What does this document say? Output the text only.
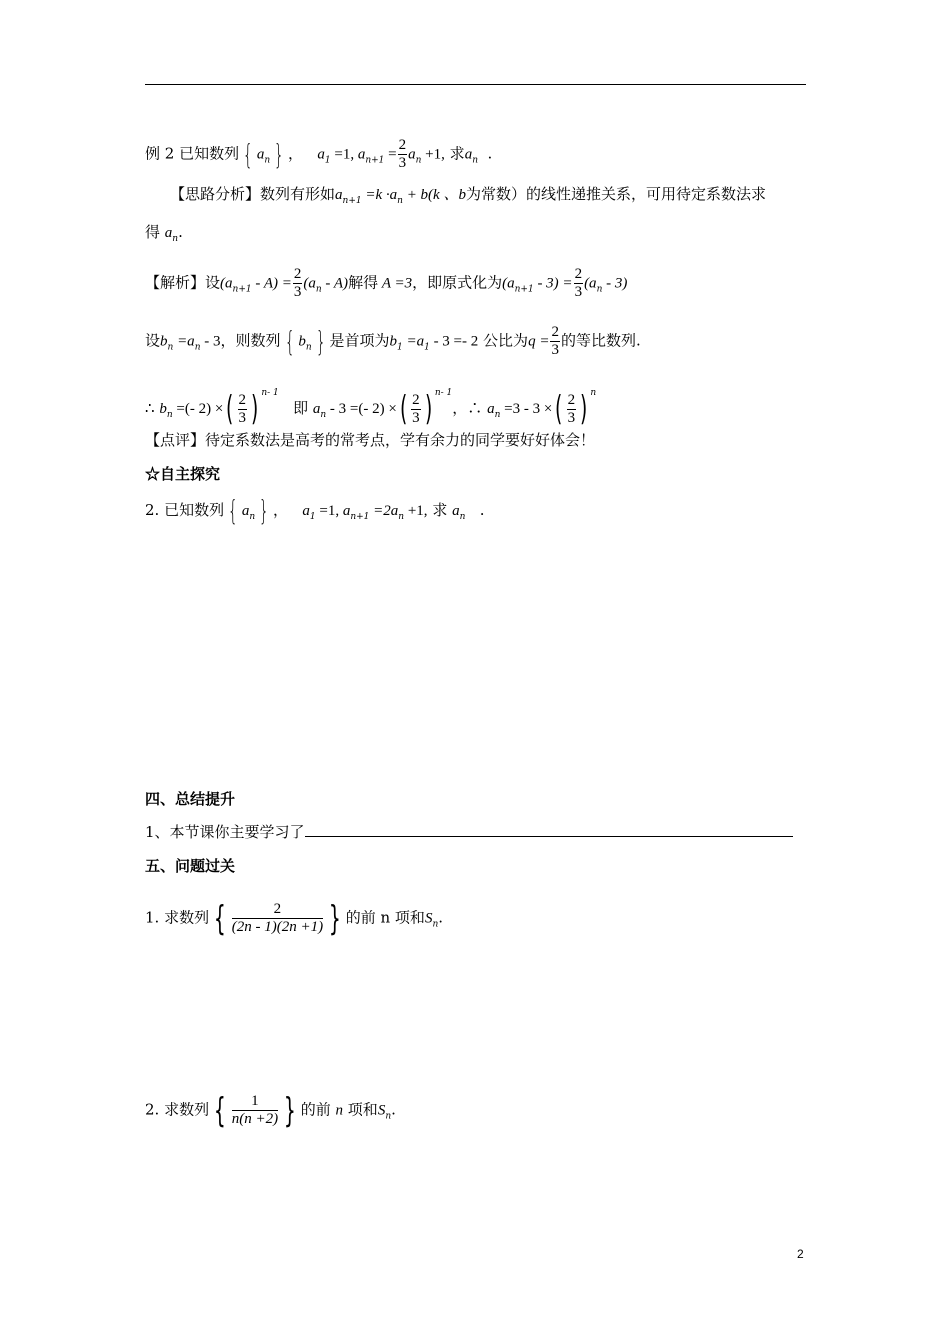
例 2 已知数列 { $a_n$ } ， $a_1 =1$, $a_{n+1} = \frac{2}{3} a_n +1$, 求$a_n$ .
【思路分析】数列有形如$a_{n+1} =k \cdot a_n + b(k$ 、b为常数）的线性递推关系，可用待定系数法求
得 $a_n$.
【解析】设$(a_{n+1} - A) = \frac{2}{3} (a_n - A)$解得 A =3，即原式化为$(a_{n+1} - 3) = \frac{2}{3} (a_n - 3)$
设$b_n =a_n - 3$，则数列 { $b_n$ } 是首项为$b_1 =a_1 - 3 =- 2$ 公比为$q = \frac{2}{3}$ 的等比数列.
∴ $b_n$ =(- 2) ×( $\frac{2}{3}$ ) $^{n- 1}$   即 $a_n - 3$ =(- 2) ×( $\frac{2}{3}$ ) $^{n- 1}$，∴ $a_n =3 - 3$ ×( $\frac{2}{3}$ ) $^n$
【点评】待定系数法是高考的常考点，学有余力的同学要好好体会！
☆自主探究
2. 已知数列 { $a_n$ } ， $a_1 =1$, $a_{n+1} =2a_n +1$, 求 $a_n$ .
四、总结提升
1、本节课你主要学习了
五、问题过关
1. 求数列 { $\frac{2}{(2n - 1)(2n +1)}$ } 的前 n 项和$S_n$.
2. 求数列 { $\frac{1}{n(n +2)}$ } 的前 n 项和$S_n$.
2
